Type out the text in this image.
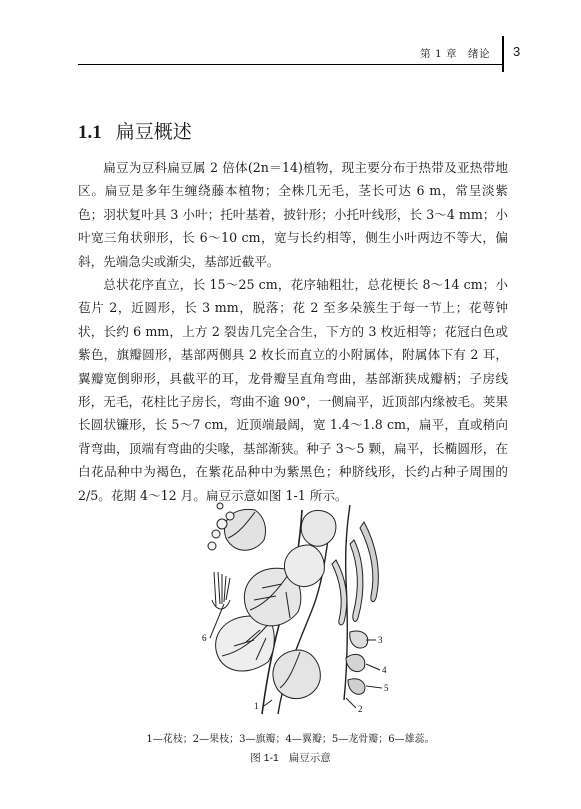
第 1 章　绪论 3
1.1 扁豆概述

扁豆为豆科扁豆属 2 倍体(2n＝14)植物，现主要分布于热带及亚热带地区。扁豆是多年生缠绕藤本植物；全株几无毛，茎长可达 6 m，常呈淡紫色；羽状复叶具 3 小叶；托叶基着，披针形；小托叶线形，长 3～4 mm；小叶宽三角状卵形，长 6～10 cm，宽与长约相等，侧生小叶两边不等大，偏斜，先端急尖或渐尖，基部近截平。

总状花序直立，长 15～25 cm，花序轴粗壮，总花梗长 8～14 cm；小苞片 2，近圆形，长 3 mm，脱落；花 2 至多朵簇生于每一节上；花萼钟状，长约 6 mm，上方 2 裂齿几完全合生，下方的 3 枚近相等；花冠白色或紫色，旗瓣圆形，基部两侧具 2 枚长而直立的小附属体，附属体下有 2 耳，翼瓣宽倒卵形，具截平的耳，龙骨瓣呈直角弯曲，基部渐狭成瓣柄；子房线形，无毛，花柱比子房长，弯曲不逾 90°，一侧扁平，近顶部内缘被毛。荚果长圆状镰形，长 5～7 cm，近顶端最阔，宽 1.4～1.8 cm，扁平，直或稍向背弯曲，顶端有弯曲的尖喙，基部渐狭。种子 3～5 颗，扁平，长椭圆形，在白花品种中为褐色，在紫花品种中为紫黑色；种脐线形，长约占种子周围的 2/5。花期 4～12 月。扁豆示意如图 1-1 所示。

6	3
4
5
1	2
1—花枝；2—果枝；3—旗瓣；4—翼瓣；5—龙骨瓣；6—雄蕊。
图 1-1 扁豆示意
